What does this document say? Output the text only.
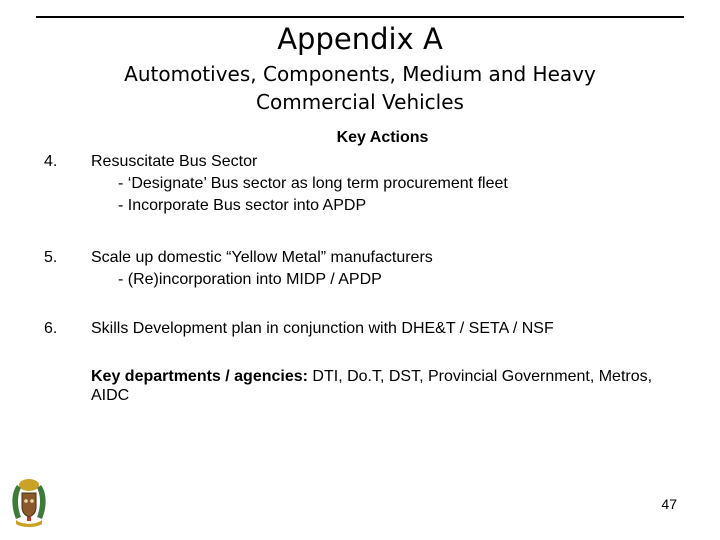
Appendix A
Automotives, Components, Medium and Heavy
Commercial Vehicles
Key Actions
4. Resuscitate Bus Sector
- ‘Designate’ Bus sector as long term procurement fleet
- Incorporate Bus sector into APDP
5. Scale up domestic “Yellow Metal” manufacturers
- (Re)incorporation into MIDP / APDP
6. Skills Development plan in conjunction with DHE&T / SETA / NSF
Key departments / agencies: DTI, Do.T, DST, Provincial Government, Metros, AIDC
47
